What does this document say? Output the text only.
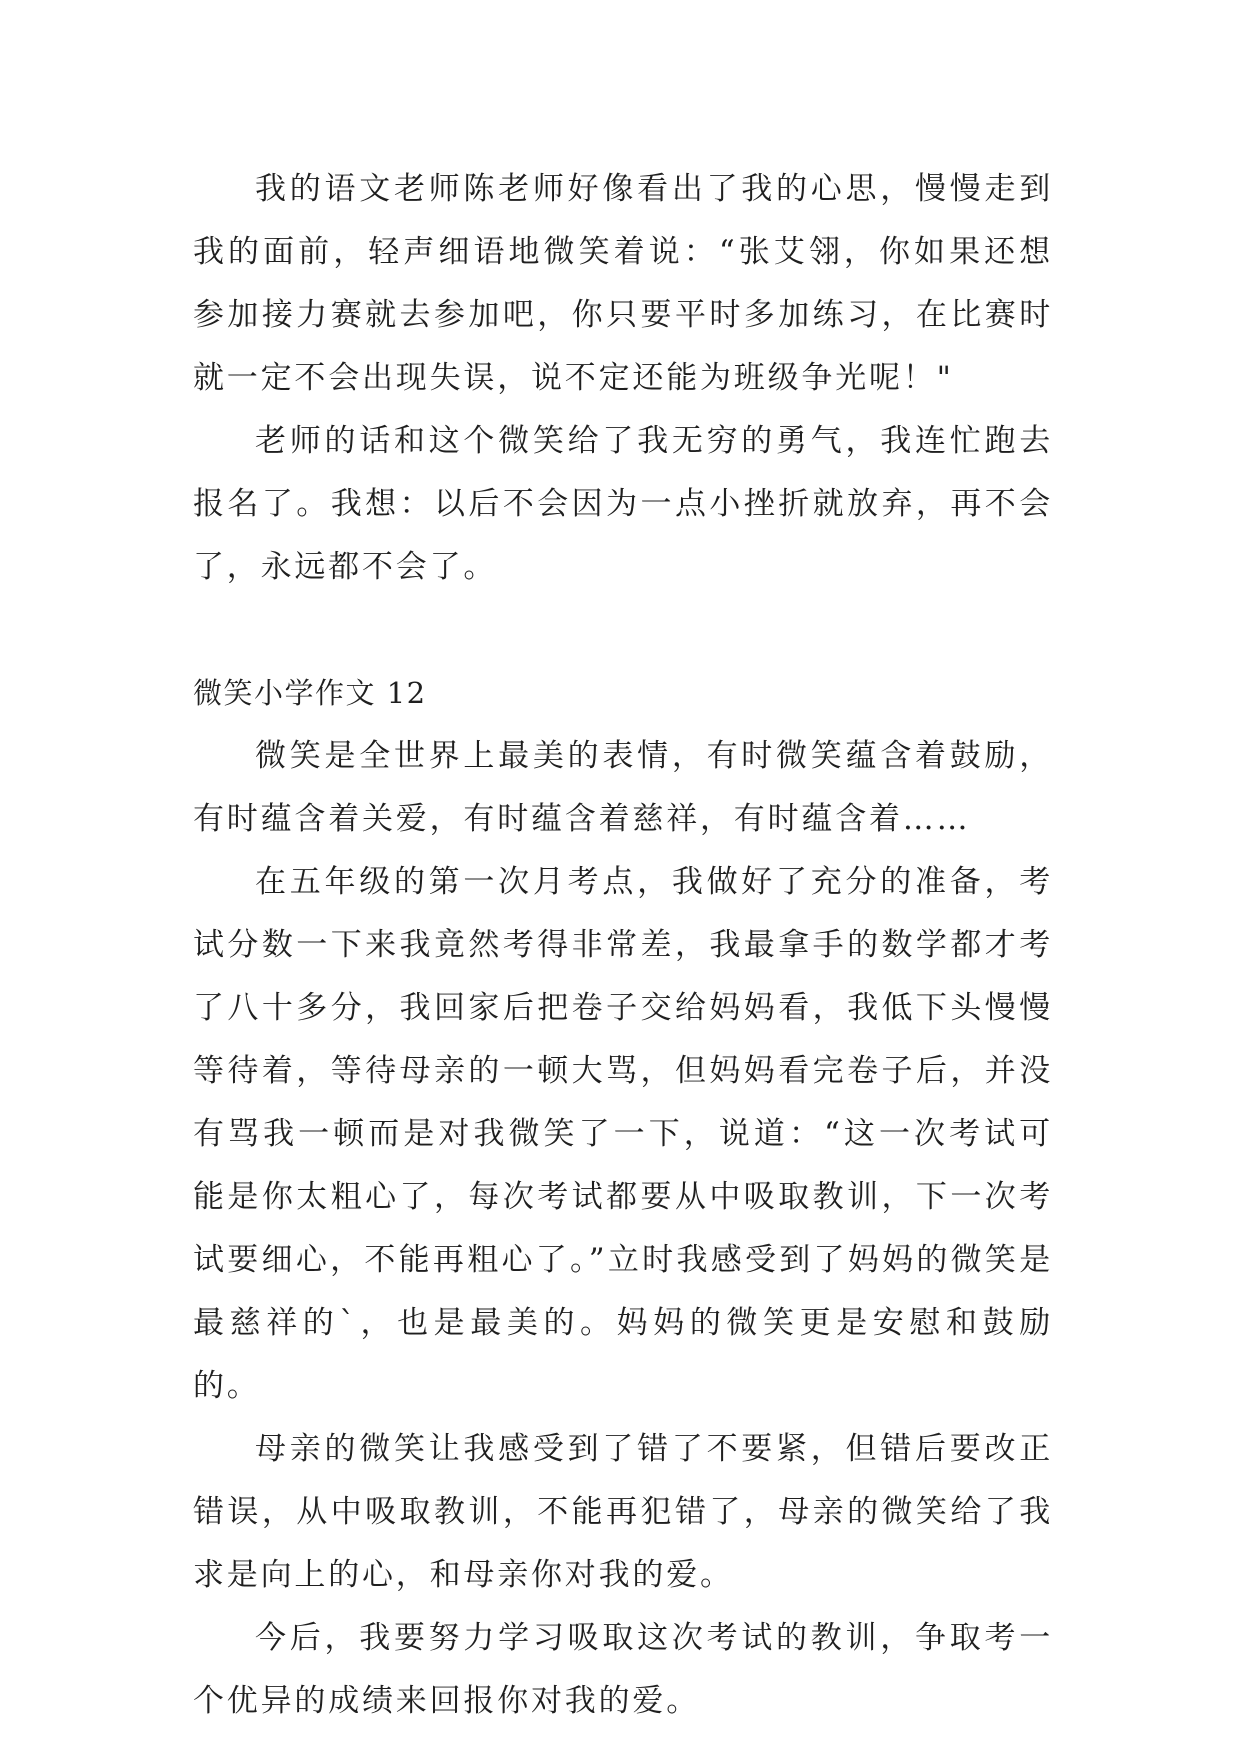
我的语文老师陈老师好像看出了我的心思，慢慢走到我的面前，轻声细语地微笑着说：“张艾翎，你如果还想参加接力赛就去参加吧，你只要平时多加练习，在比赛时就一定不会出现失误，说不定还能为班级争光呢！"

老师的话和这个微笑给了我无穷的勇气，我连忙跑去报名了。我想：以后不会因为一点小挫折就放弃，再不会了，永远都不会了。

微笑小学作文 12

微笑是全世界上最美的表情，有时微笑蕴含着鼓励，有时蕴含着关爱，有时蕴含着慈祥，有时蕴含着……

在五年级的第一次月考点，我做好了充分的准备，考试分数一下来我竟然考得非常差，我最拿手的数学都才考了八十多分，我回家后把卷子交给妈妈看，我低下头慢慢等待着，等待母亲的一顿大骂，但妈妈看完卷子后，并没有骂我一顿而是对我微笑了一下，说道：“这一次考试可能是你太粗心了，每次考试都要从中吸取教训，下一次考试要细心，不能再粗心了。”立时我感受到了妈妈的微笑是最慈祥的`，也是最美的。妈妈的微笑更是安慰和鼓励的。

母亲的微笑让我感受到了错了不要紧，但错后要改正错误，从中吸取教训，不能再犯错了，母亲的微笑给了我求是向上的心，和母亲你对我的爱。

今后，我要努力学习吸取这次考试的教训，争取考一个优异的成绩来回报你对我的爱。
